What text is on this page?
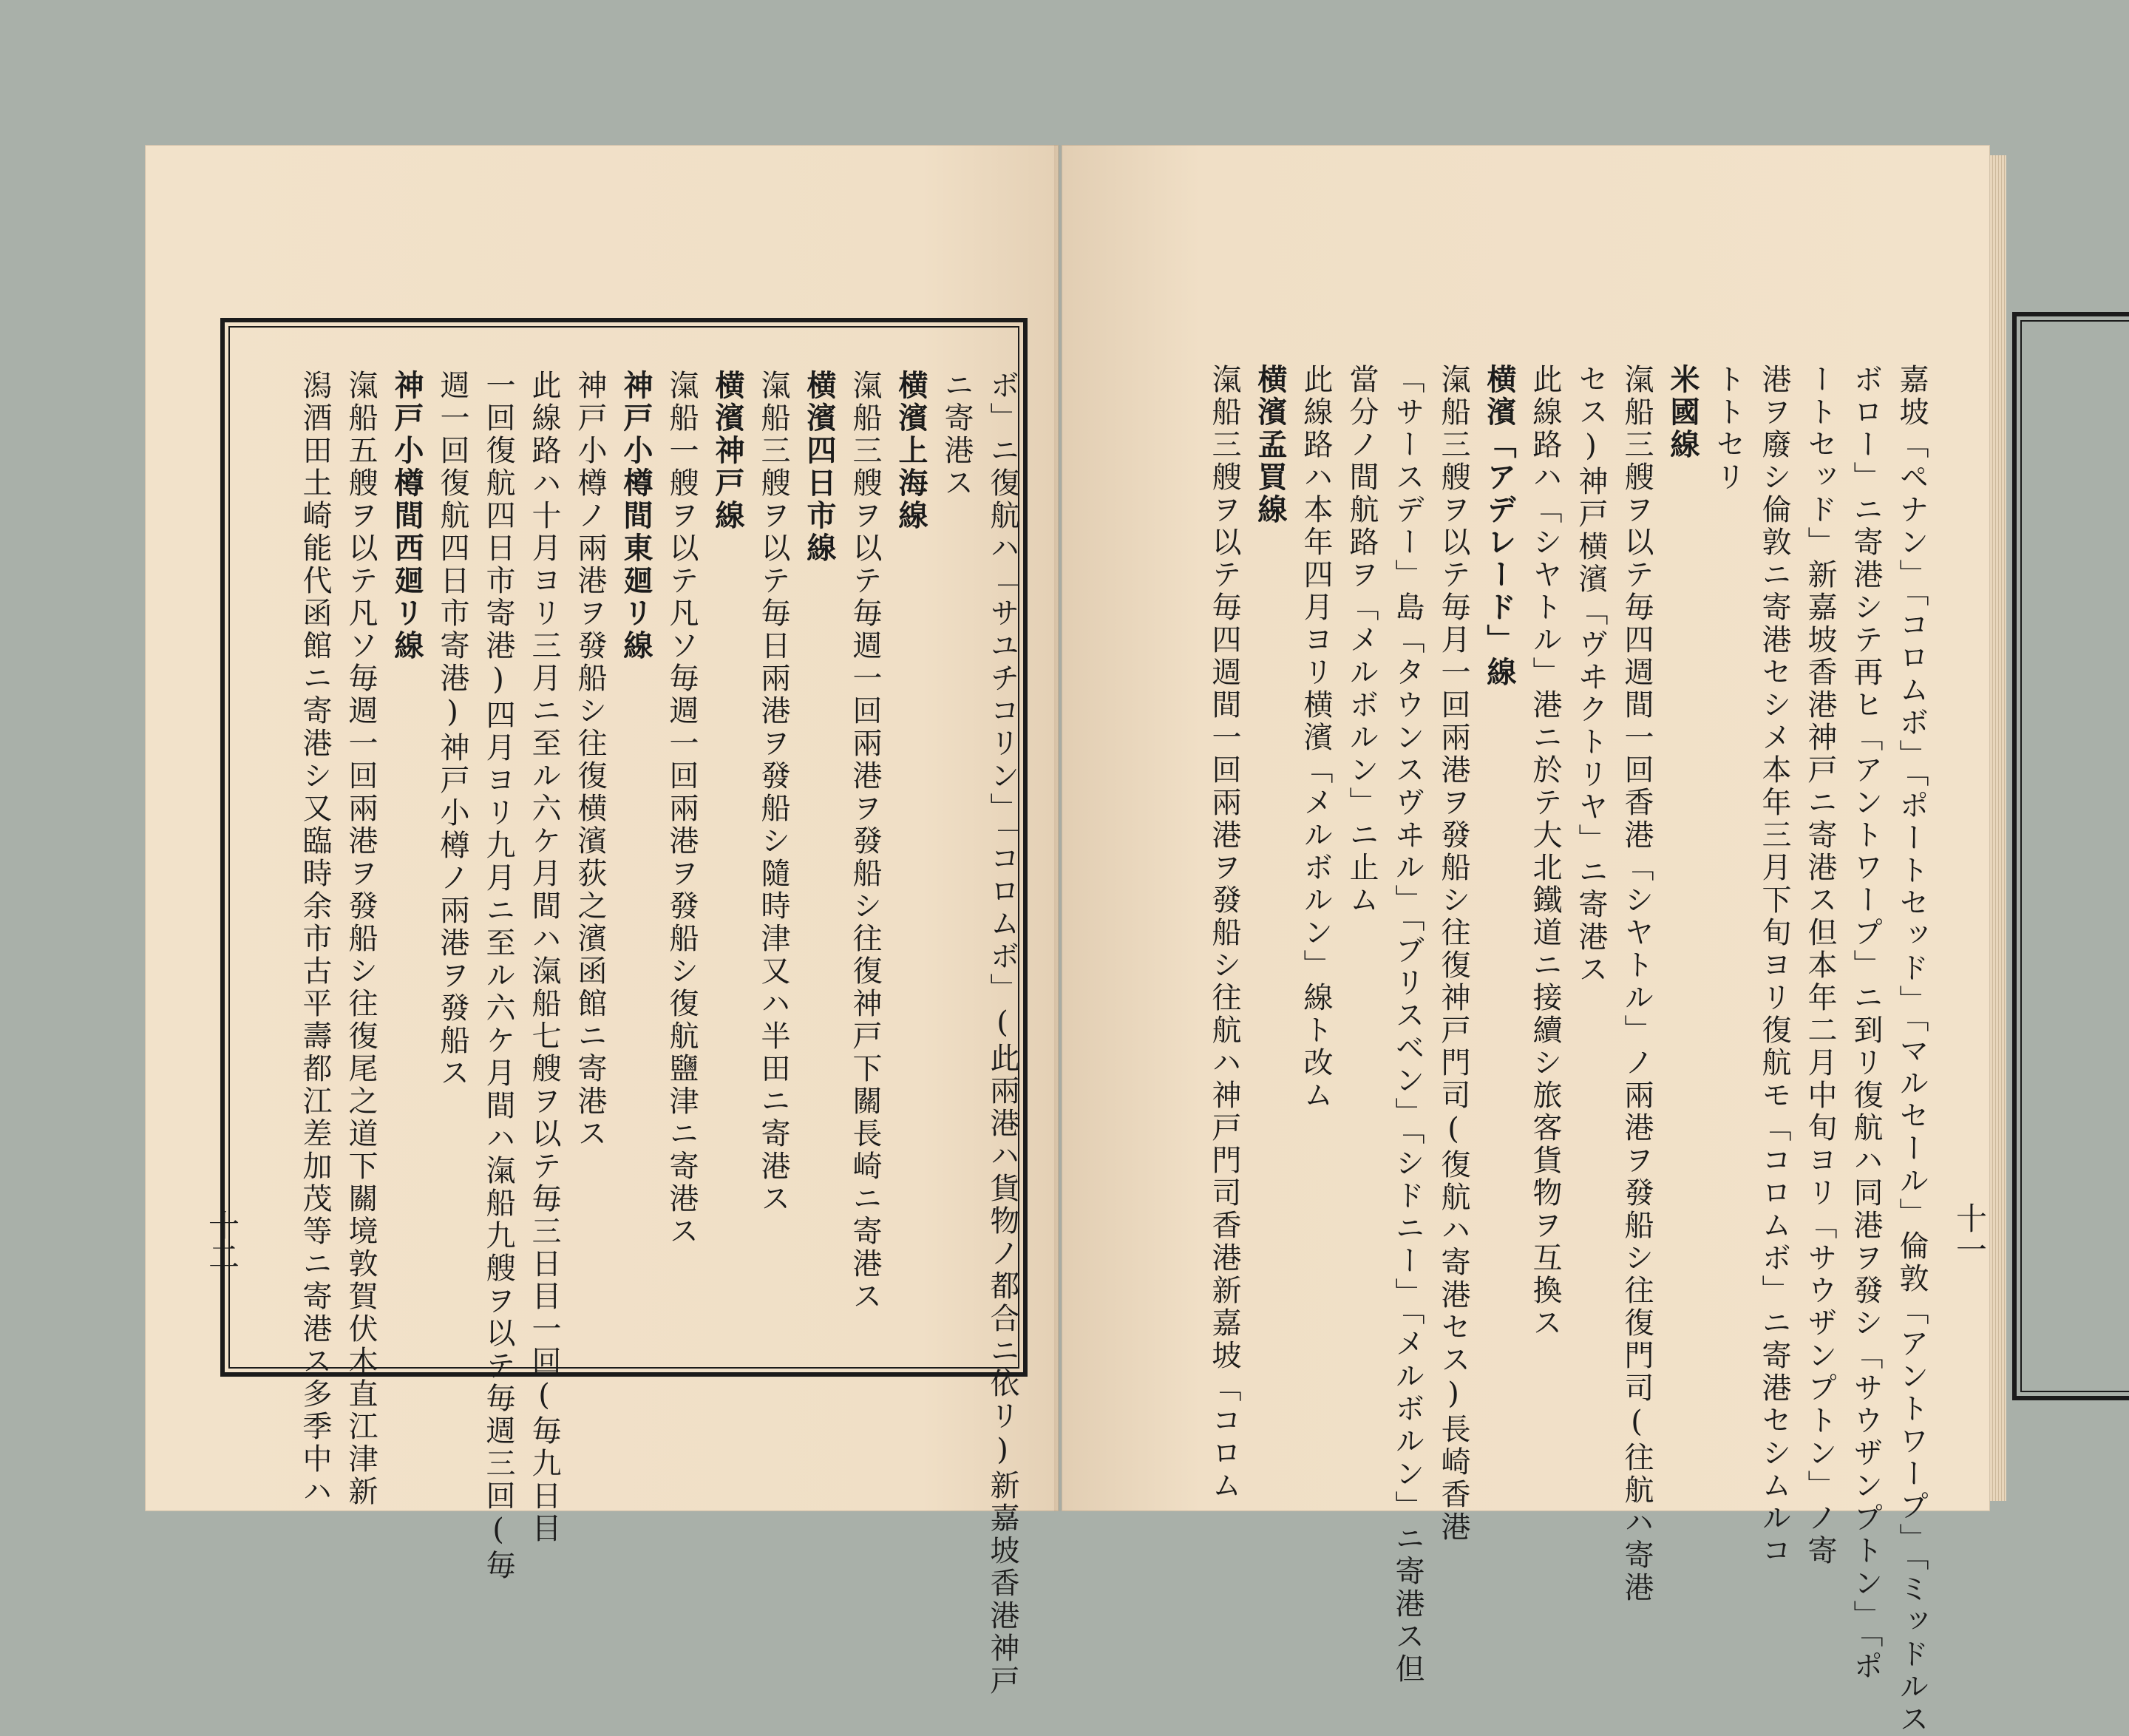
十二	十一
ボ」ニ復航ハ「サユチコリン」「コロムボ」(此兩港ハ貨物ノ都合ニ依リ)新嘉坡香港神戸
ニ寄港ス
横濱上海線
滊船三艘ヲ以テ毎週一回兩港ヲ發船シ往復神戸下關長崎ニ寄港ス
横濱四日市線
滊船三艘ヲ以テ毎日兩港ヲ發船シ隨時津又ハ半田ニ寄港ス
横濱神戸線
滊船一艘ヲ以テ凡ソ毎週一回兩港ヲ發船シ復航鹽津ニ寄港ス
神戸小樽間東廻リ線
神戸小樽ノ兩港ヲ發船シ往復横濱荻之濱函館ニ寄港ス
此線路ハ十月ヨリ三月ニ至ル六ケ月間ハ滊船七艘ヲ以テ毎三日目一回(毎九日目
一回復航四日市寄港)四月ヨリ九月ニ至ル六ケ月間ハ滊船九艘ヲ以テ毎週三回(毎
週一回復航四日市寄港)神戸小樽ノ兩港ヲ發船ス
神戸小樽間西廻リ線
滊船五艘ヲ以テ凡ソ毎週一回兩港ヲ發船シ往復尾之道下關境敦賀伏木直江津新
潟酒田土崎能代函館ニ寄港シ又臨時余市古平壽都江差加茂等ニ寄港ス多季中ハ	嘉坡「ペナン」「コロムボ」「ポートセッド」「マルセール」倫敦「アントワープ」「ミッドルス
ボロー」ニ寄港シテ再ヒ「アントワープ」ニ到リ復航ハ同港ヲ發シ「サウザンプトン」「ポ
ートセッド」新嘉坡香港神戸ニ寄港ス但本年二月中旬ヨリ「サウザンプトン」ノ寄
港ヲ廢シ倫敦ニ寄港セシメ本年三月下旬ヨリ復航モ「コロムボ」ニ寄港セシムルコ
トトセリ
米國線
滊船三艘ヲ以テ毎四週間一回香港「シヤトル」ノ兩港ヲ發船シ往復門司(往航ハ寄港
セス)神戸横濱「ヴヰクトリヤ」ニ寄港ス
此線路ハ「シヤトル」港ニ於テ大北鐵道ニ接續シ旅客貨物ヲ互換ス
横濱「アデレード」線
滊船三艘ヲ以テ毎月一回兩港ヲ發船シ往復神戸門司(復航ハ寄港セス)長崎香港
「サースデー」島「タウンスヴヰル」「ブリスベン」「シドニー」「メルボルン」ニ寄港ス但
當分ノ間航路ヲ「メルボルン」ニ止ム
此線路ハ本年四月ヨリ横濱「メルボルン」線ト改ム
横濱孟買線
滊船三艘ヲ以テ毎四週間一回兩港ヲ發船シ往航ハ神戸門司香港新嘉坡「コロム
